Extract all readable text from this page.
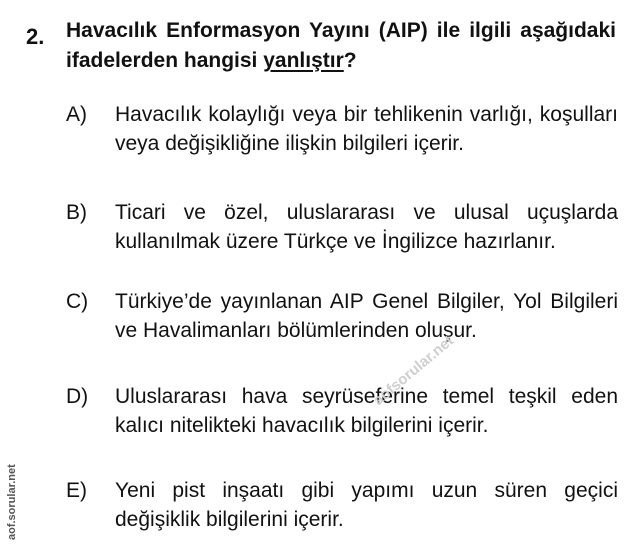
2. Havacılık Enformasyon Yayını (AIP) ile ilgili aşağıdaki ifadelerden hangisi yanlıştır?
A) Havacılık kolaylığı veya bir tehlikenin varlığı, koşulları veya değişikliğine ilişkin bilgileri içerir.
B) Ticari ve özel, uluslararası ve ulusal uçuşlarda kullanılmak üzere Türkçe ve İngilizce hazırlanır.
C) Türkiye’de yayınlanan AIP Genel Bilgiler, Yol Bilgileri ve Havalimanları bölümlerinden oluşur.
D) Uluslararası hava seyrüseferine temel teşkil eden kalıcı nitelikteki havacılık bilgilerini içerir.
E) Yeni pist inşaatı gibi yapımı uzun süren geçici değişiklik bilgilerini içerir.
aof.sorular.net
aofsorular.net
